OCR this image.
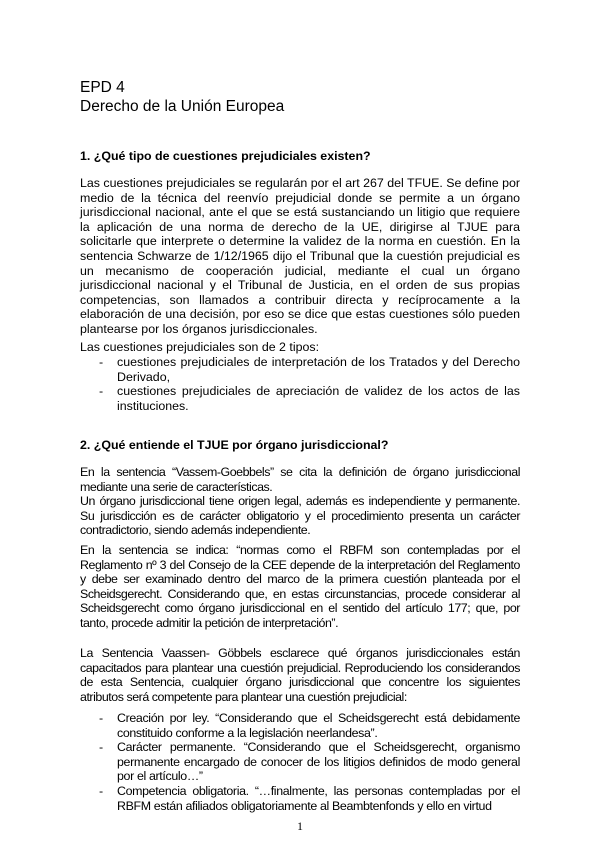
EPD 4
Derecho de la Unión Europea
1. ¿Qué tipo de cuestiones prejudiciales existen?

Las cuestiones prejudiciales se regularán por el art 267 del TFUE. Se define por medio de la técnica del reenvío prejudicial donde se permite a un órgano jurisdiccional nacional, ante el que se está sustanciando un litigio que requiere la aplicación de una norma de derecho de la UE, dirigirse al TJUE para solicitarle que interprete o determine la validez de la norma en cuestión. En la sentencia Schwarze de 1/12/1965 dijo el Tribunal que la cuestión prejudicial es un mecanismo de cooperación judicial, mediante el cual un órgano jurisdiccional nacional y el Tribunal de Justicia, en el orden de sus propias competencias, son llamados a contribuir directa y recíprocamente a la elaboración de una decisión, por eso se dice que estas cuestiones sólo pueden plantearse por los órganos jurisdiccionales.

Las cuestiones prejudiciales son de 2 tipos:

- cuestiones prejudiciales de interpretación de los Tratados y del Derecho Derivado,
- cuestiones prejudiciales de apreciación de validez de los actos de las instituciones.
2. ¿Qué entiende el TJUE por órgano jurisdiccional?

En la sentencia “Vassem-Goebbels” se cita la definición de órgano jurisdiccional mediante una serie de características.

Un órgano jurisdiccional tiene origen legal, además es independiente y permanente. Su jurisdicción es de carácter obligatorio y el procedimiento presenta un carácter contradictorio, siendo además independiente.

En la sentencia se indica: “normas como el RBFM son contempladas por el Reglamento nº 3 del Consejo de la CEE depende de la interpretación del Reglamento y debe ser examinado dentro del marco de la primera cuestión planteada por el Scheidsgerecht. Considerando que, en estas circunstancias, procede considerar al Scheidsgerecht como órgano jurisdiccional en el sentido del artículo 177; que, por tanto, procede admitir la petición de interpretación”.

La Sentencia Vaassen- Göbbels esclarece qué órganos jurisdiccionales están capacitados para plantear una cuestión prejudicial. Reproduciendo los considerandos de esta Sentencia, cualquier órgano jurisdiccional que concentre los siguientes atributos será competente para plantear una cuestión prejudicial:

- Creación por ley. “Considerando que el Scheidsgerecht está debidamente constituido conforme a la legislación neerlandesa”.
- Carácter permanente. “Considerando que el Scheidsgerecht, organismo permanente encargado de conocer de los litigios definidos de modo general por el artículo…”
- Competencia obligatoria. “…finalmente, las personas contempladas por el RBFM están afiliados obligatoriamente al Beambtenfonds y ello en virtud
1
